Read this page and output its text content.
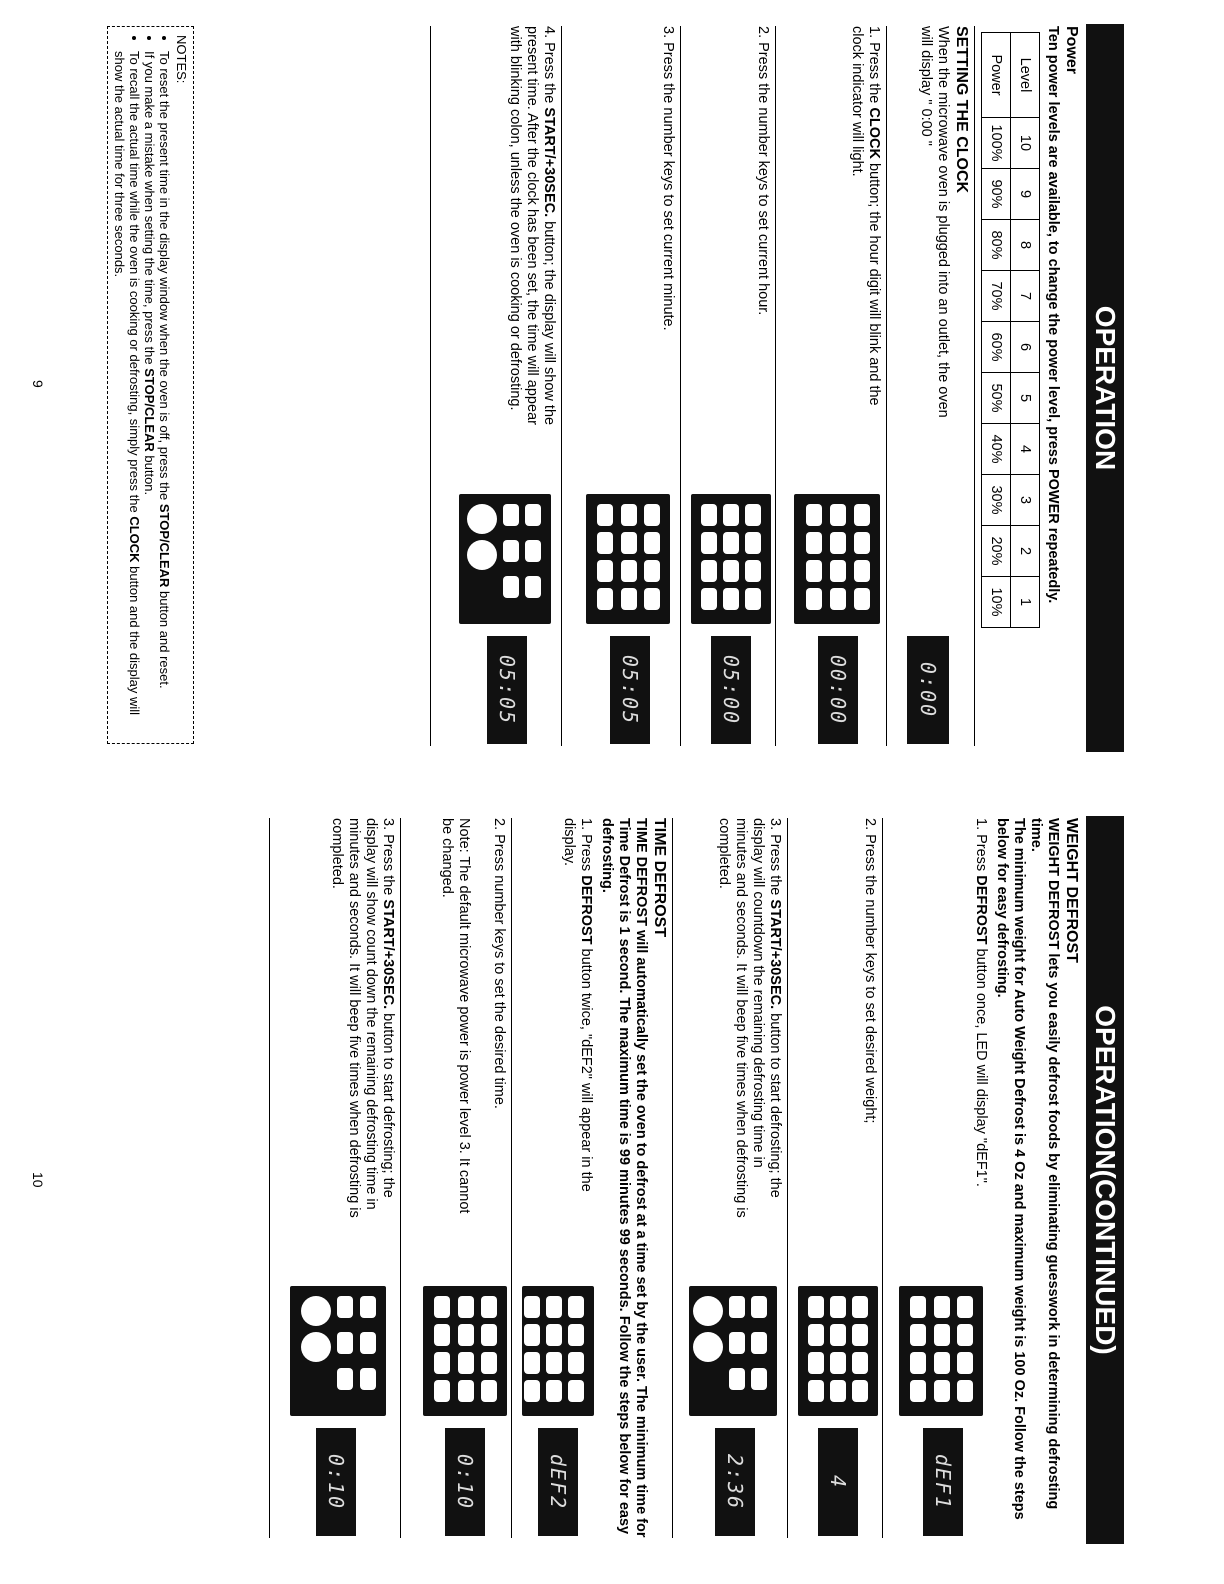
OPERATION
Power
Ten power levels are available, to change the power level, press POWER repeatedly.
Level	10	9	8	7	6	5	4	3	2	1
Power	100%	90%	80%	70%	60%	50%	40%	30%	20%	10%
SETTING THE CLOCK
When the microwave oven is plugged into an outlet, the oven will display " 0:00 "
0:00
1. Press the CLOCK button; the hour digit will blink and the clock indicator will light.
00:00
2. Press the number keys to set current hour.
05:00
3. Press the number keys to set current minute.
05:05
4. Press the START/+30SEC. button; the display will show the present time. After the clock has been set, the time will appear with blinking colon, unless the oven is cooking or defrosting.
05:05
NOTES:
• To reset the present time in the display window when the oven is off, press the STOP/CLEAR button and reset.
• If you make a mistake when setting the time, press the STOP/CLEAR button.
• To recall the actual time while the oven is cooking or defrosting, simply press the CLOCK button and the display will show the actual time for three seconds.
9
OPERATION(CONTINUED)
WEIGHT DEFROST
WEIGHT DEFROST lets you easily defrost foods by eliminating guesswork in determining defrosting time.
The minimum weight for Auto Weight Defrost is 4 Oz and maximum weight is 100 Oz. Follow the steps below for easy defrosting.
1. Press DEFROST button once, LED will display "dEF1".
dEF1
2. Press the number keys to set desired weight;
4
3. Press the START/+30SEC. button to start defrosting; the display will countdown the remaining defrosting time in minutes and seconds. It will beep five times when defrosting is completed.
2:36
TIME DEFROST
TIME DEFROST will automatically set the oven to defrost at a time set by the user. The minimum time for Time Defrost is 1 second. The maximum time is 99 minutes 99 seconds. Follow the steps below for easy defrosting.
1. Press DEFROST button twice, "dEF2" will appear in the display.
dEF2
2. Press number keys to set the desired time.
Note: The default microwave power is power level 3. It cannot be changed.
0:10
3. Press the START/+30SEC. button to start defrosting; the display will show count down the remaining defrosting time in minutes and seconds. It will beep five times when defrosting is completed.
0:10
10
